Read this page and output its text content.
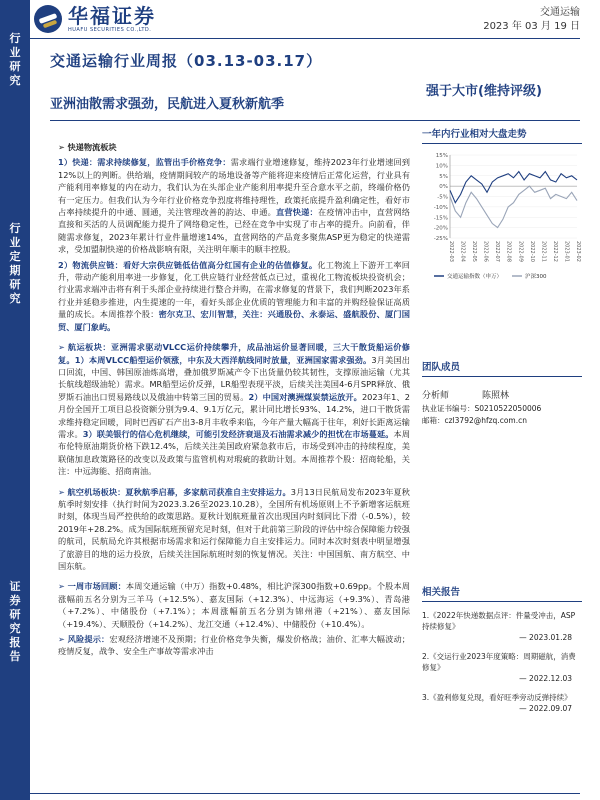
行业研究
行业定期研究
证券研究报告
华福证券
HUAFU SECURITIES CO.,LTD.
交通运输
2023 年 03 月 19 日
交通运输行业周报（03.13-03.17）
强于大市(维持评级)
亚洲油散需求强劲，民航进入夏秋新航季

➢ 快递物流板块

1）快递：需求持续修复，监管出手价格竞争：需求端行业增速修复，维持2023年行业增速回到12%以上的判断。供给端，疫情期间较产的场地设备等产能将迎来疫情后正常化运营，行业具有产能利用率修复的内在动力，我们认为在头部企业产能利用率提升至合意水平之前，终端价格仍有一定压力。但我们认为今年行业价格竞争烈度将维持理性，政策托底提升盈利确定性，看好市占率持续提升的中通、圆通，关注管理改善的韵达、申通。直营快递：在疫情冲击中，直营网络直接和买活的人员调配能力提升了网络稳定性，已经在竞争中实现了市占率的提升。向前看，伴随需求修复，2023年累计行业件量增速14%，直营网络的产品竟多聚焦ASP更为稳定的快递需求，受加盟制快递的价格战影响有限，关注明年顺丰的顺丰控股。

2）物流供应链：看好大宗供应链低估值高分红国有企业的估值修复。化工物流上下游开工率回升，带动产能利用率进一步修复，化工供应链行业经营低点已过，重视化工物流板块投资机会；行业需求端冲击将有利于头部企业持续进行整合并购，在需求修复的背景下，我们判断2023年系行业并延稳步推进，内生提速的一年，看好头部企业优质的管理能力和丰富的并购经验保证高质量的成长。本周推荐个股：密尔克卫、宏川智慧，关注：兴通股份、永泰运、盛航股份、厦门国贸、厦门象屿。

➢ 航运板块：亚洲需求驱动VLCC运价持续攀升，成品油运价显著回暖，三大干散货船运价修复。1）本周VLCC船型运价领涨，中东及大西洋航线同时放量，亚洲国家需求强劲。3月美国出口回流，中国、韩国原油炼高增，叠加俄罗斯减产令下出货量仍较其韧性，支撑原油运输（尤其长航线超级油轮）需求。MR船型运价反弹，LR船型表现平淡，后续关注美国4-6月SPR释放、俄罗斯石油出口贸易路线以及俄油中转第三国的贸易。2）中国对澳洲煤炭禁运放开。2023年1、2月份全国开工项目总投资额分别为9.4、9.1万亿元，累计同比增长93%、14.2%，进口干散货需求维持稳定回暖，同时巴西矿石产出3-8月丰收季来临，今年产量大幅高于往年，利好长距离运输需求。3）联美银行的信心危机继续，可能引发经济衰退及石油需求减少的担忧在市场蔓延。本周布伦特原油期货价格下跌12.4%，后续关注美国政府紧急救市后，市场受到冲击的持续程度，美联储加息政策路径的改变以及政策与监管机构对瑕疵的救助计划。本周推荐个股：招商轮船，关注：中远海能、招商南油。

➢ 航空机场板块：夏秋航季启幕，多家航司获准自主安排运力。3月13日民航局发布2023年夏秋航季时刻安排（执行时间为2023.3.26至2023.10.28），全国所有机场原则上不予新增客运航班时刻，体现当局严控供给的政策思路。夏秋计划航班量首次出现国内时刻同比下滑（-0.5%），较2019年+28.2%。成为国际航班预留充足时刻，但对于此前第三阶段的评估中综合保障能力较强的航司，民航局允许其根据市场需求和运行保障能力自主安排运力。同时本次时刻表中明显增强了旅游目的地的运力投放，后续关注国际航班时刻的恢复情况。关注：中国国航、南方航空、中国东航。

➢ 一周市场回顾：本周交通运输（中万）指数+0.48%，相比沪深300指数+0.69pp。个股本周涨幅前五名分别为三羊马（+12.5%）、嘉友国际（+12.3%）、中远海运（+9.3%）、青岛港（+7.2%）、中储股份（+7.1%）；本周涨幅前五名分别为锦州港（+21%）、嘉友国际（+19.4%）、天顺股份（+14.2%）、龙江交通（+12.4%）、中储股份（+10.4%）。

➢ 风险提示：宏观经济增速不及预期；行业价格竞争失衡，爆发价格战；油价、汇率大幅波动；疫情反复，战争、安全生产事故等需求冲击

一年内行业相对大盘走势
15%
10%
5%
0%
-5%
-10%
-15%
-20%
-25%
2022-03 2022-04 2022-05 2022-06 2022-07 2022-08 2022-09 2022-10 2022-11 2022-12 2023-01 2023-02
交通运输指数（申万）	沪深300
团队成员
分析师	陈照林
执业证书编号：S0210522050006
邮箱：czl3792@hfzq.com.cn
相关报告
1.《2022年快递数据点评：件量受冲击，ASP持续修复》
— 2023.01.28
2.《交运行业2023年度策略：周期磁航，消费修复》
— 2022.12.03
3.《盈利修复兑现，看好旺季旁动反弹持续》
— 2022.09.07
